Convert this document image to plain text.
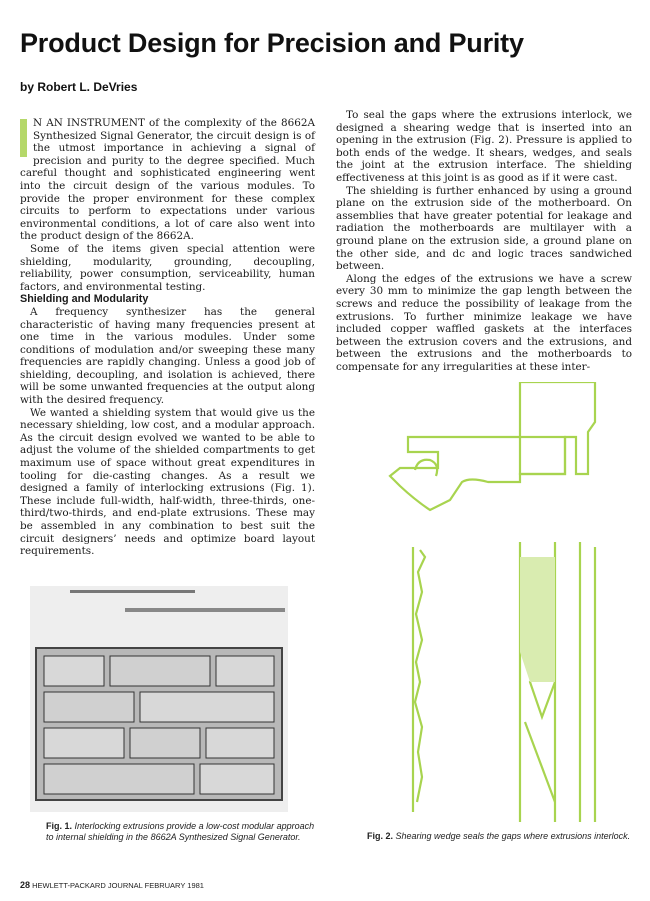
Product Design for Precision and Purity
by Robert L. DeVries

N AN INSTRUMENT of the complexity of the 8662A Synthesized Signal Generator, the circuit design is of the utmost importance in achieving a signal of precision and purity to the degree specified. Much careful thought and sophisticated engineering went into the circuit design of the various modules. To provide the proper environment for these complex circuits to perform to expectations under various environmental conditions, a lot of care also went into the product design of the 8662A.

Some of the items given special attention were shielding, modularity, grounding, decoupling, reliability, power consumption, serviceability, human factors, and environmental testing.

Shielding and Modularity

A frequency synthesizer has the general characteristic of having many frequencies present at one time in the various modules. Under some conditions of modulation and/or sweeping these many frequencies are rapidly changing. Unless a good job of shielding, decoupling, and isolation is achieved, there will be some unwanted frequencies at the output along with the desired frequency.

We wanted a shielding system that would give us the necessary shielding, low cost, and a modular approach. As the circuit design evolved we wanted to be able to adjust the volume of the shielded compartments to get maximum use of space without great expenditures in tooling for die-casting changes. As a result we designed a family of interlocking extrusions (Fig. 1). These include full-width, half-width, three-thirds, one-third/two-thirds, and end-plate extrusions. These may be assembled in any combination to best suit the circuit designers’ needs and optimize board layout requirements.

To seal the gaps where the extrusions interlock, we designed a shearing wedge that is inserted into an opening in the extrusion (Fig. 2). Pressure is applied to both ends of the wedge. It shears, wedges, and seals the joint at the extrusion interface. The shielding effectiveness at this joint is as good as if it were cast.

The shielding is further enhanced by using a ground plane on the extrusion side of the motherboard. On assemblies that have greater potential for leakage and radiation the motherboards are multilayer with a ground plane on the extrusion side, a ground plane on the other side, and dc and logic traces sandwiched between.

Along the edges of the extrusions we have a screw every 30 mm to minimize the gap length between the screws and reduce the possibility of leakage from the extrusions. To further minimize leakage we have included copper waffled gaskets at the interfaces between the extrusion covers and the extrusions, and between the extrusions and the motherboards to compensate for any irregularities at these inter-

Fig. 1. Interlocking extrusions provide a low-cost modular approach to internal shielding in the 8662A Synthesized Signal Generator.	Fig. 2. Shearing wedge seals the gaps where extrusions interlock.
28 HEWLETT-PACKARD JOURNAL FEBRUARY 1981
